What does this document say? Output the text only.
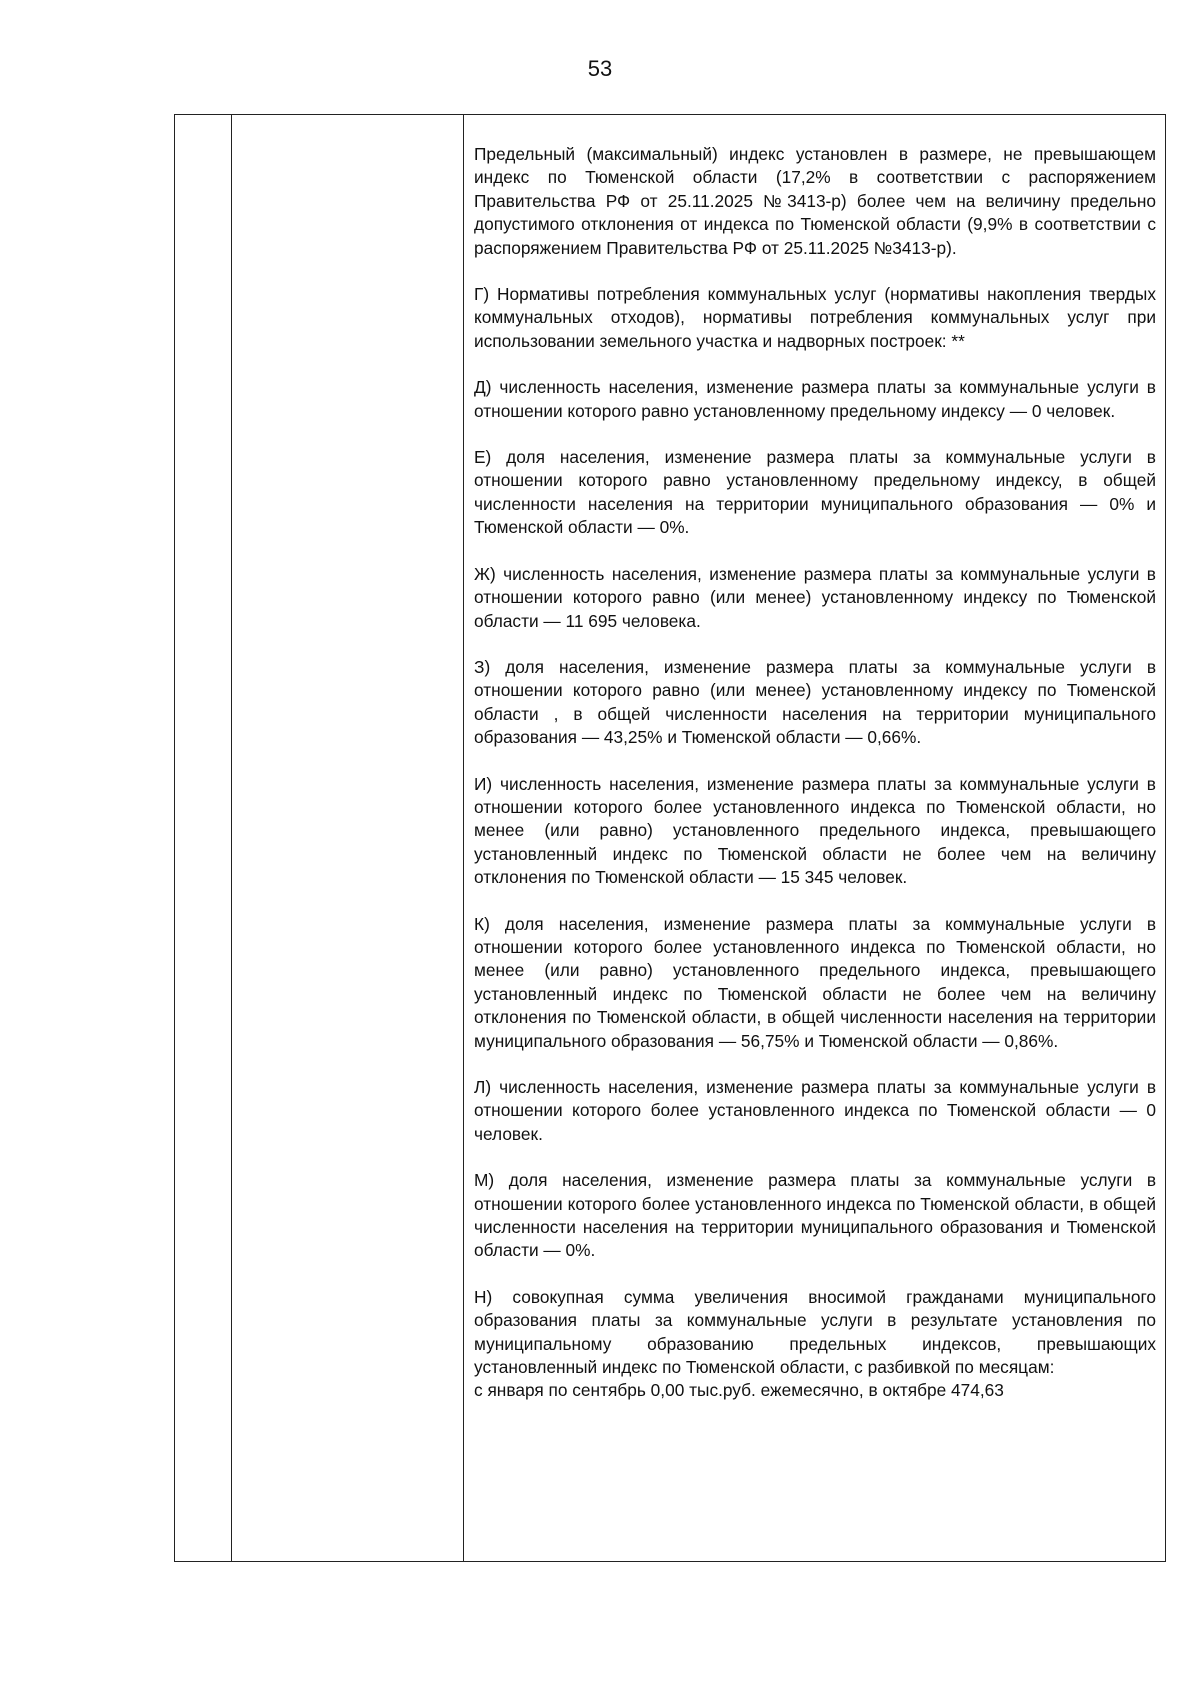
53

Предельный (максимальный) индекс установлен в размере, не превышающем индекс по Тюменской области (17,2% в соответствии с распоряжением Правительства РФ от 25.11.2025 №3413-р) более чем на величину предельно допустимого отклонения от индекса по Тюменской области (9,9% в соответствии с распоряжением Правительства РФ от 25.11.2025 №3413-р).

Г) Нормативы потребления коммунальных услуг (нормативы накопления твердых коммунальных отходов), нормативы потребления коммунальных услуг при использовании земельного участка и надворных построек: **

Д) численность населения, изменение размера платы за коммунальные услуги в отношении которого равно установленному предельному индексу — 0 человек.

Е) доля населения, изменение размера платы за коммунальные услуги в отношении которого равно установленному предельному индексу, в общей численности населения на территории муниципального образования — 0% и Тюменской области — 0%.

Ж) численность населения, изменение размера платы за коммунальные услуги в отношении которого равно (или менее) установленному индексу по Тюменской области — 11 695 человека.

З) доля населения, изменение размера платы за коммунальные услуги в отношении которого равно (или менее) установленному индексу по Тюменской области , в общей численности населения на территории муниципального образования — 43,25% и Тюменской области — 0,66%.

И) численность населения, изменение размера платы за коммунальные услуги в отношении которого более установленного индекса по Тюменской области, но менее (или равно) установленного предельного индекса, превышающего установленный индекс по Тюменской области не более чем на величину отклонения по Тюменской области — 15 345 человек.

К) доля населения, изменение размера платы за коммунальные услуги в отношении которого более установленного индекса по Тюменской области, но менее (или равно) установленного предельного индекса, превышающего установленный индекс по Тюменской области не более чем на величину отклонения по Тюменской области, в общей численности населения на территории муниципального образования — 56,75% и Тюменской области — 0,86%.

Л) численность населения, изменение размера платы за коммунальные услуги в отношении которого более установленного индекса по Тюменской области — 0 человек.

М) доля населения, изменение размера платы за коммунальные услуги в отношении которого более установленного индекса по Тюменской области, в общей численности населения на территории муниципального образования и Тюменской области — 0%.

Н) совокупная сумма увеличения вносимой гражданами муниципального образования платы за коммунальные услуги в результате установления по муниципальному образованию предельных индексов, превышающих установленный индекс по Тюменской области, с разбивкой по месяцам:

с января по сентябрь 0,00 тыс.руб. ежемесячно, в октябре 474,63
